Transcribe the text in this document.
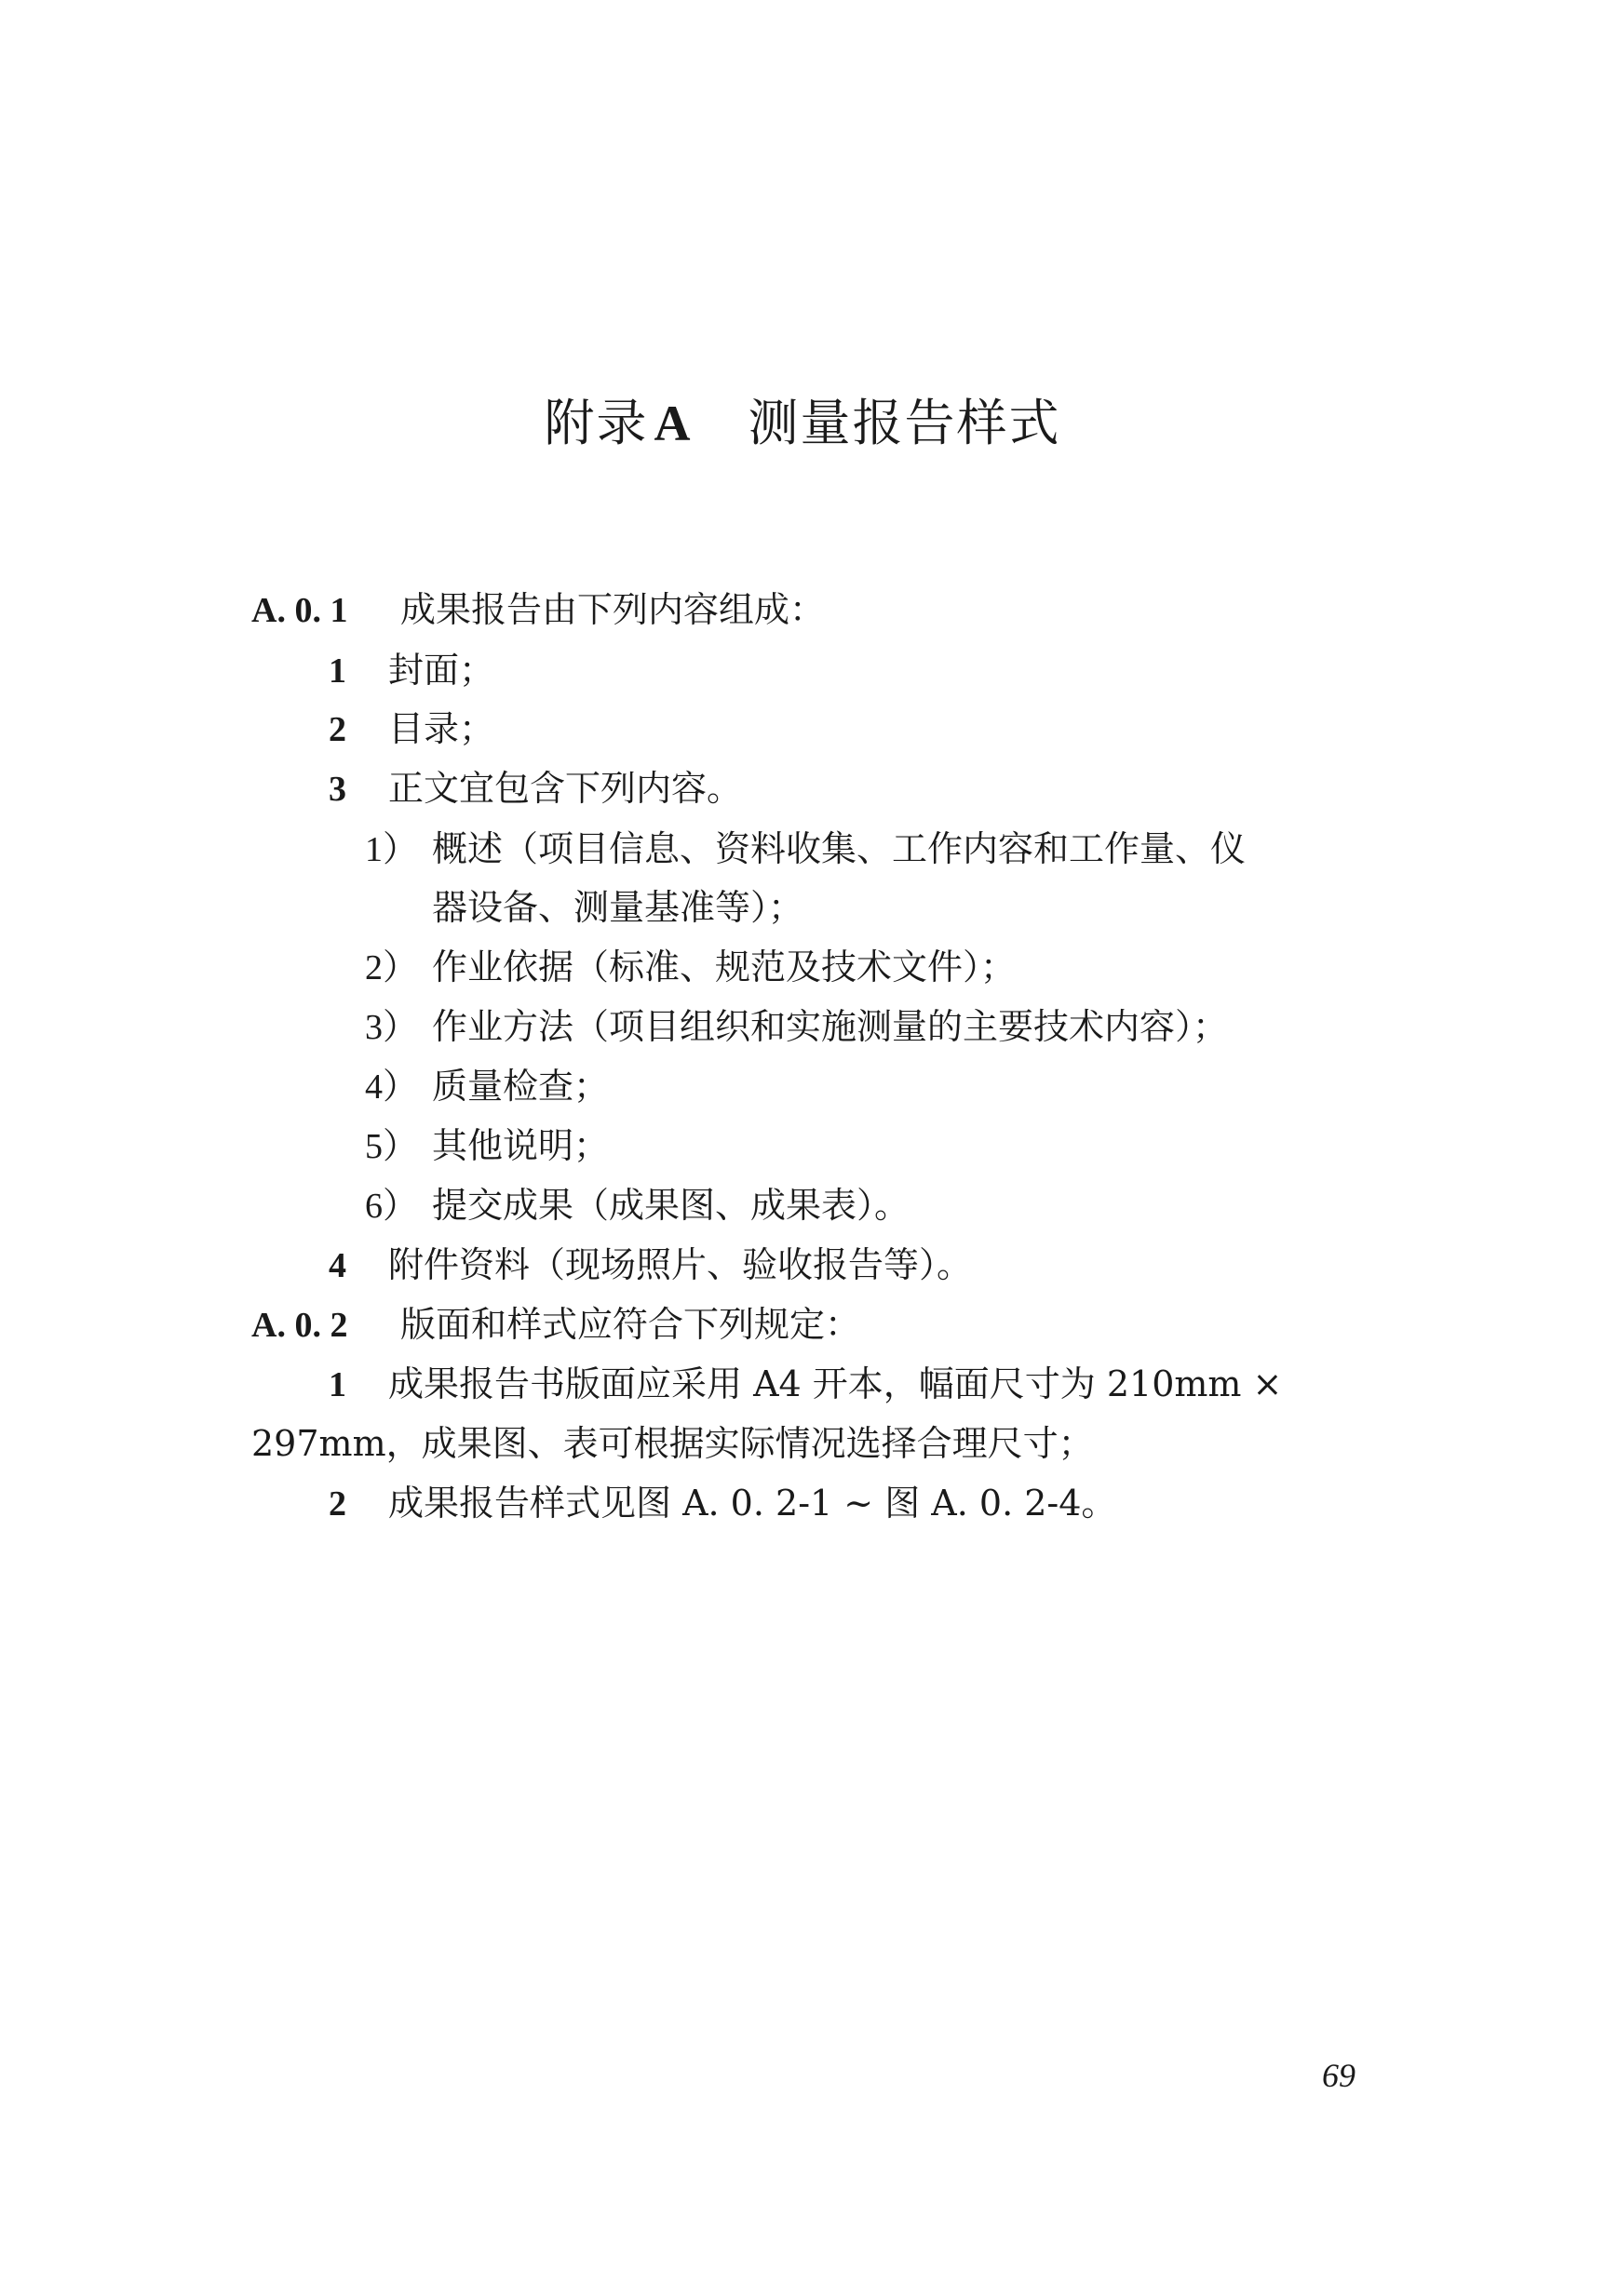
附录 A 测量报告样式
A. 0. 1 成果报告由下列内容组成：
1 封面；
2 目录；
3 正文宜包含下列内容。
1） 概述（项目信息、资料收集、工作内容和工作量、仪
器设备、测量基准等）；
2） 作业依据（标准、规范及技术文件）；
3） 作业方法（项目组织和实施测量的主要技术内容）；
4） 质量检查；
5） 其他说明；
6） 提交成果（成果图、成果表）。
4 附件资料（现场照片、验收报告等）。
A. 0. 2 版面和样式应符合下列规定：
1 成果报告书版面应采用 A4 开本，幅面尺寸为 210mm ×
297mm，成果图、表可根据实际情况选择合理尺寸；
2 成果报告样式见图 A. 0. 2-1 ~ 图 A. 0. 2-4。
69
